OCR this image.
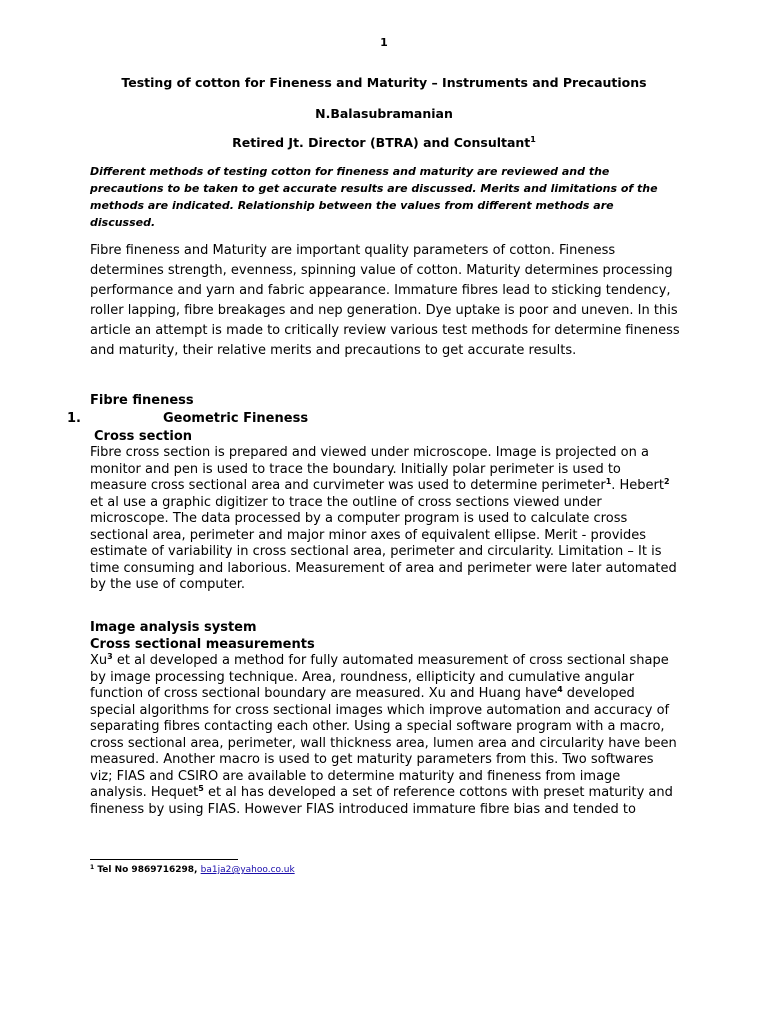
1
Testing of cotton for Fineness and Maturity – Instruments and Precautions
N.Balasubramanian
Retired Jt. Director (BTRA) and Consultant$^1$

Different methods of testing cotton for fineness and maturity are reviewed and the precautions to be taken to get accurate results are discussed. Merits and limitations of the methods are indicated. Relationship between the values from different methods are discussed.

Fibre fineness and Maturity are important quality parameters of cotton. Fineness determines strength, evenness, spinning value of cotton. Maturity determines processing performance and yarn and fabric appearance. Immature fibres lead to sticking tendency, roller lapping, fibre breakages and nep generation. Dye uptake is poor and uneven. In this article an attempt is made to critically review various test methods for determine fineness and maturity, their relative merits and precautions to get accurate results.

Fibre fineness
1.	Geometric Fineness
Cross section

Fibre cross section is prepared and viewed under microscope. Image is projected on a monitor and pen is used to trace the boundary. Initially polar perimeter is used to measure cross sectional area and curvimeter was used to determine perimeter$^1$. Hebert$^2$ et al use a graphic digitizer to trace the outline of cross sections viewed under microscope. The data processed by a computer program is used to calculate cross sectional area, perimeter and major minor axes of equivalent ellipse. Merit - provides estimate of variability in cross sectional area, perimeter and circularity. Limitation – It is time consuming and laborious. Measurement of area and perimeter were later automated by the use of computer.

Image analysis system
Cross sectional measurements

Xu$^3$ et al developed a method for fully automated measurement of cross sectional shape by image processing technique. Area, roundness, ellipticity and cumulative angular function of cross sectional boundary are measured. Xu and Huang have$^4$ developed special algorithms for cross sectional images which improve automation and accuracy of separating fibres contacting each other. Using a special software program with a macro, cross sectional area, perimeter, wall thickness area, lumen area and circularity have been measured. Another macro is used to get maturity parameters from this. Two softwares viz; FIAS and CSIRO are available to determine maturity and fineness from image analysis. Hequet$^5$ et al has developed a set of reference cottons with preset maturity and fineness by using FIAS. However FIAS introduced immature fibre bias and tended to

$^1$ Tel No 9869716298, ba1ja2@yahoo.co.uk
